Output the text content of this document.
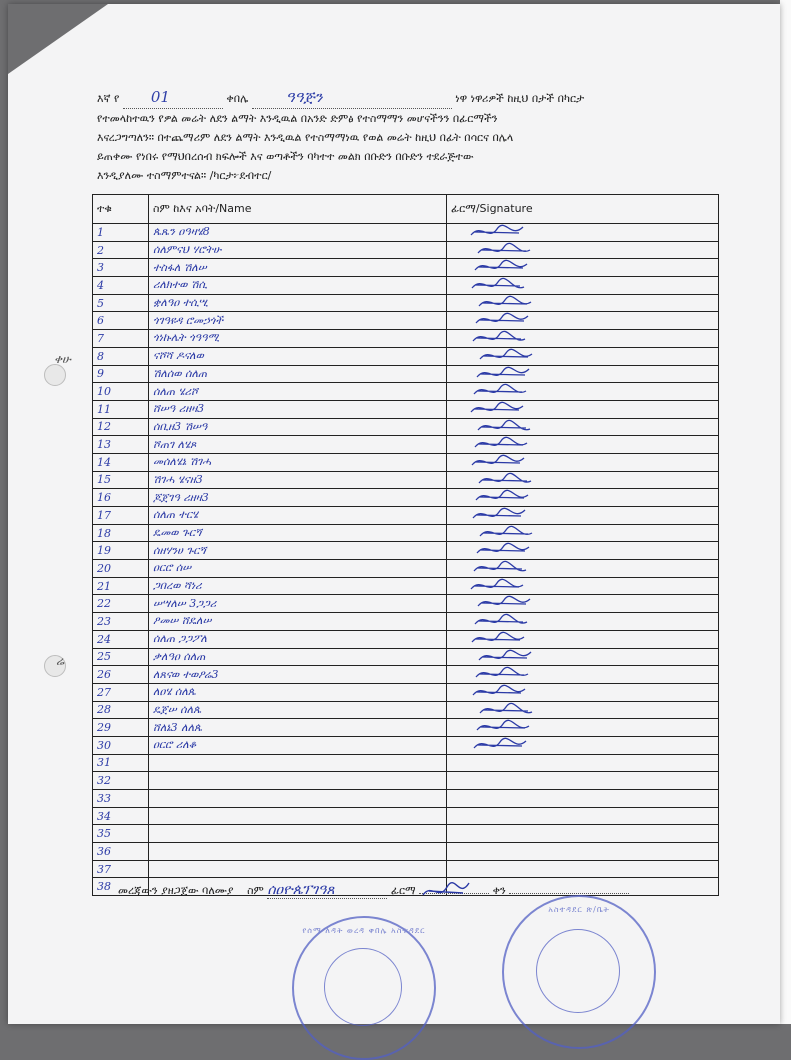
ቀሁ
ሬ
እኛ የ 01	ቀበሌ	ዓዓጅን	ነዋ ነዋሪዎች ከዚህ በታች በካርታ
የተመላከተዉን የዎል መሬት ለደን ልማት እንዲዉል በአንድ ድምፅ የተስማማን መሆናችንን በፊርማችን
እናረጋግጣለን። በተጨማሪም ለደን ልማት እንዲዉል የተስማማነዉ የወል መሬት ከዚህ በፊት በሳርና በሌላ
ይጠቀሙ የነበሩ የማህበረሰብ ክፍሎች እና ወጣቶችን ባካተተ መልክ በቡድን በቡድን ተደራጅተው
እንዲያለሙ ተስማምተናል። /ካርታ፦ደብተር/
ተቁ	ስም ከእና አባት/Name	ፊርማ/Signature
1	ጴጼን ዐዓዛሄ8	

2	ሰለምናህ ሃሮትሁ	

3	ተስፋለ ሽለሠ	

4	ሪለክተወ ሽሲ	

5	ቋለዓዐ ተሲሢ	

6	ጎገዓዩዳ ሮመኃጎች	

7	ጎነኩሌት ጎዓዓሚ	

8	ናሾሻ ዶናለወ	

9	ሽለሰወ ሰለጠ	

10	ሰለጠ ሄሪሾ	

11	ሸሠዓ ሪዘዛ3	

12	ሰቢዘ3 ሽሠዓ	

13	ሾጠገ ለሄጾ	

14	መሰለሄኔ ሽገሓ	

15	ሽገሓ ሄናዘ3	

16	ጆጀገዓ ሪዘዛ3	

17	ሰለጠ ተርሄ	

18	ዴመወ ጉርጞ	

19	ሰዘሃንሀ ጉርጞ	

20	ዐርሮ ሰሠ	

21	ጋበረወ ሻነሪ	

22	ሠሣለሠ 3ጋጋሪ	

23	ዖመሠ ሸዴለሠ	

24	ሰለጠ ጋጋፖለ	

25	ቃለዓዐ ሰለጠ	

26	ለጸናወ ተወዖሬ3	

27	ለዐሄ ሰለጴ	

28	ዴጀሠ ሰለጴ	

29	ሸለኔ3 ለለጴ	

30	ዐርሮ ሪለቆ	

31		
32		
33		
34		
35		
36		
37		
38		መረጃውን ያዘጋጀው ባለሙያ ስም ሰዐዮጴፕገዓጸ	ፊርማ	ቀን
የሰማ ለዳት ወረዳ ቀበሌ አስተዳደር
አስተዳደር ጽ/ቤት
